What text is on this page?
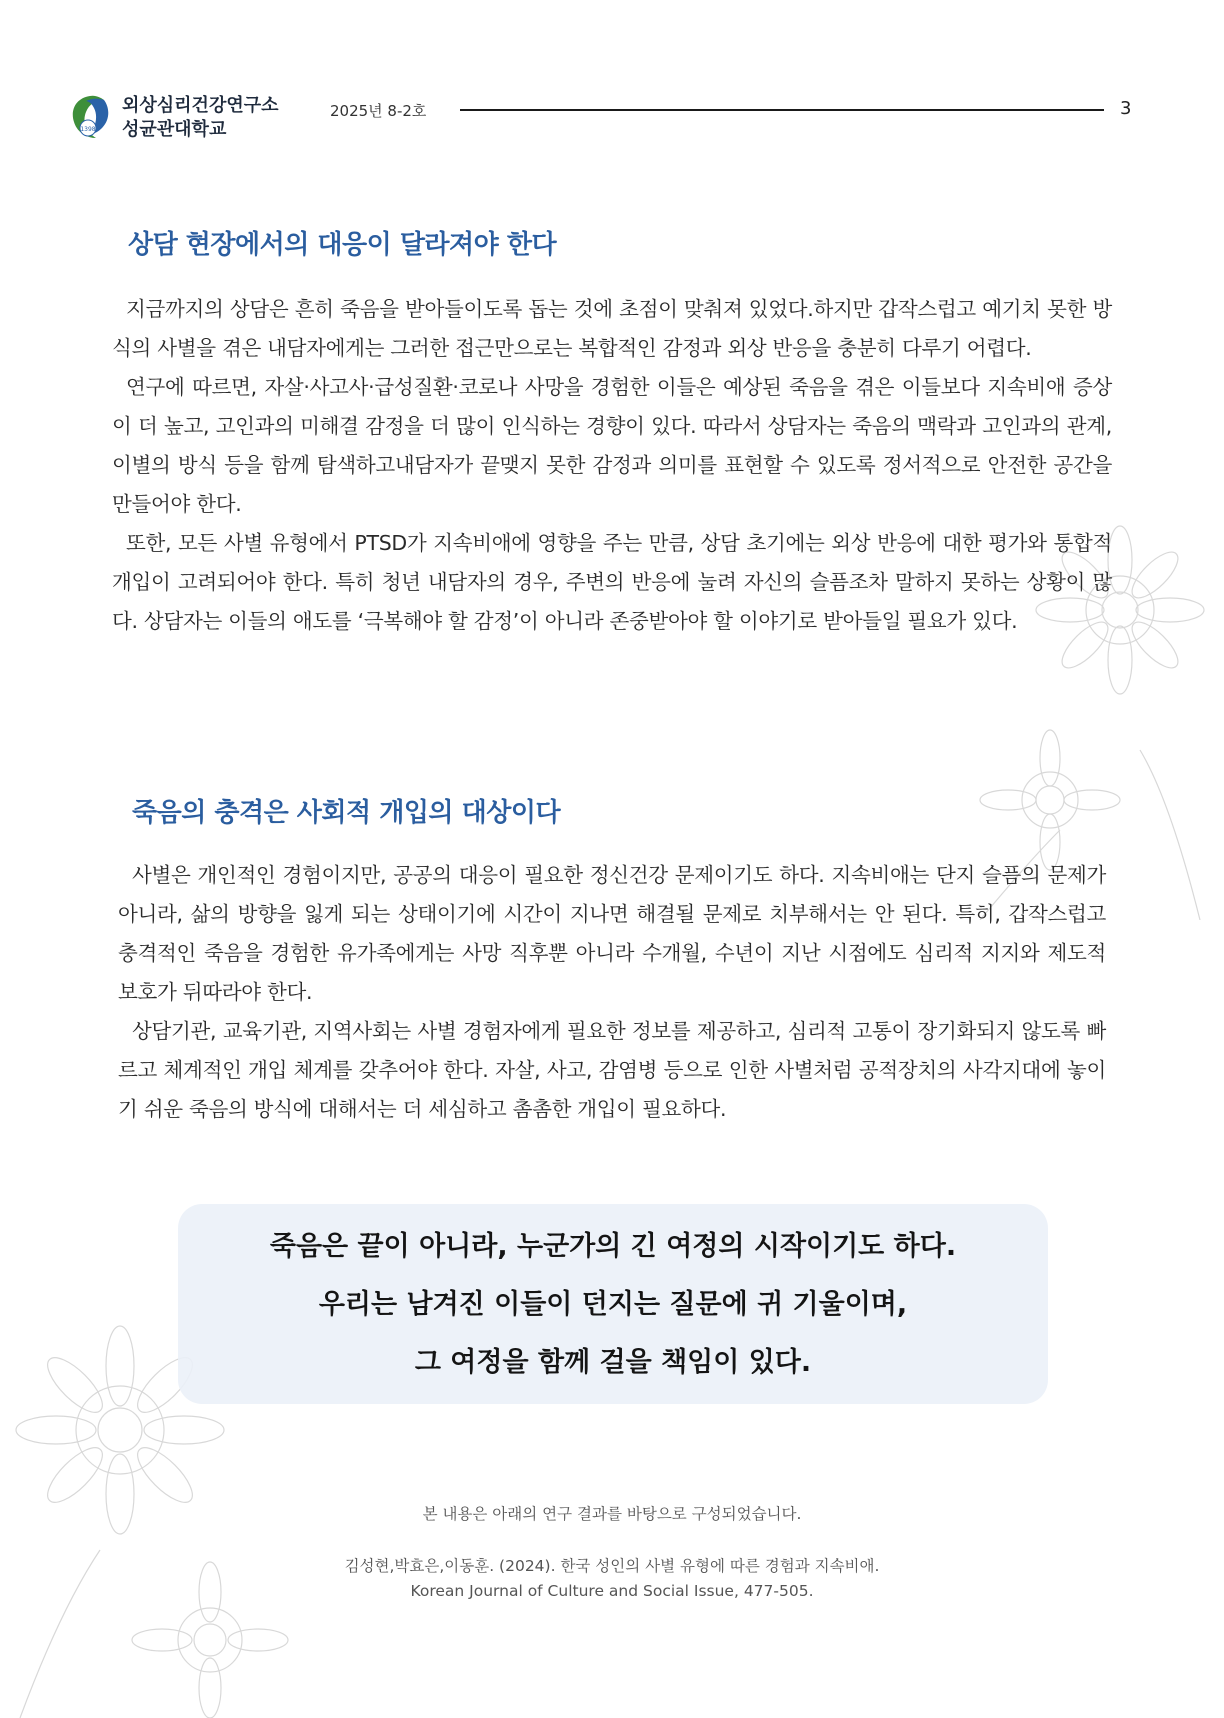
1398
외상심리건강연구소
성균관대학교
2025년 8-2호	3
상담 현장에서의 대응이 달라져야 한다

지금까지의 상담은 흔히 죽음을 받아들이도록 돕는 것에 초점이 맞춰져 있었다.하지만 갑작스럽고 예기치 못한 방식의 사별을 겪은 내담자에게는 그러한 접근만으로는 복합적인 감정과 외상 반응을 충분히 다루기 어렵다.

연구에 따르면, 자살·사고사·급성질환·코로나 사망을 경험한 이들은 예상된 죽음을 겪은 이들보다 지속비애 증상이 더 높고, 고인과의 미해결 감정을 더 많이 인식하는 경향이 있다. 따라서 상담자는 죽음의 맥락과 고인과의 관계, 이별의 방식 등을 함께 탐색하고내담자가 끝맺지 못한 감정과 의미를 표현할 수 있도록 정서적으로 안전한 공간을 만들어야 한다.

또한, 모든 사별 유형에서 PTSD가 지속비애에 영향을 주는 만큼, 상담 초기에는 외상 반응에 대한 평가와 통합적 개입이 고려되어야 한다. 특히 청년 내담자의 경우, 주변의 반응에 눌려 자신의 슬픔조차 말하지 못하는 상황이 많다. 상담자는 이들의 애도를 ‘극복해야 할 감정’이 아니라 존중받아야 할 이야기로 받아들일 필요가 있다.

죽음의 충격은 사회적 개입의 대상이다

사별은 개인적인 경험이지만, 공공의 대응이 필요한 정신건강 문제이기도 하다. 지속비애는 단지 슬픔의 문제가 아니라, 삶의 방향을 잃게 되는 상태이기에 시간이 지나면 해결될 문제로 치부해서는 안 된다. 특히, 갑작스럽고 충격적인 죽음을 경험한 유가족에게는 사망 직후뿐 아니라 수개월, 수년이 지난 시점에도 심리적 지지와 제도적 보호가 뒤따라야 한다.

상담기관, 교육기관, 지역사회는 사별 경험자에게 필요한 정보를 제공하고, 심리적 고통이 장기화되지 않도록 빠르고 체계적인 개입 체계를 갖추어야 한다. 자살, 사고, 감염병 등으로 인한 사별처럼 공적장치의 사각지대에 놓이기 쉬운 죽음의 방식에 대해서는 더 세심하고 촘촘한 개입이 필요하다.

죽음은 끝이 아니라, 누군가의 긴 여정의 시작이기도 하다.
우리는 남겨진 이들이 던지는 질문에 귀 기울이며,
그 여정을 함께 걸을 책임이 있다.
본 내용은 아래의 연구 결과를 바탕으로 구성되었습니다.
김성현,박효은,이동훈. (2024). 한국 성인의 사별 유형에 따른 경험과 지속비애.
Korean Journal of Culture and Social Issue, 477-505.
